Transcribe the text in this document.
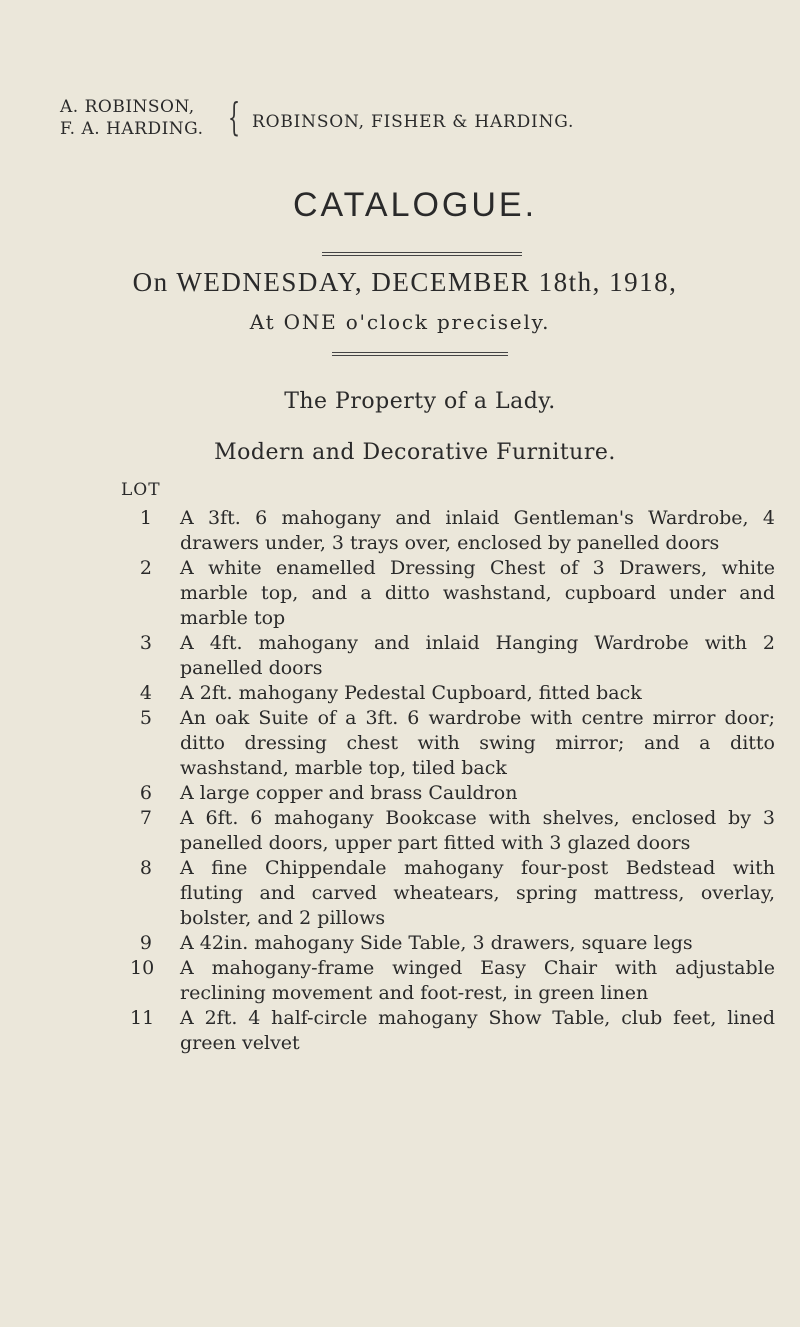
A. ROBINSON,
F. A. HARDING. { ROBINSON, FISHER & HARDING.
CATALOGUE.
On WEDNESDAY, DECEMBER 18th, 1918,
At ONE o'clock precisely.
The Property of a Lady.
Modern and Decorative Furniture.
LOT
1 A 3ft. 6 mahogany and inlaid Gentleman's Wardrobe, 4 drawers under, 3 trays over, enclosed by panelled doors
2 A white enamelled Dressing Chest of 3 Drawers, white marble top, and a ditto washstand, cupboard under and marble top
3 A 4ft. mahogany and inlaid Hanging Wardrobe with 2 panelled doors
4 A 2ft. mahogany Pedestal Cupboard, fitted back
5 An oak Suite of a 3ft. 6 wardrobe with centre mirror door; ditto dressing chest with swing mirror; and a ditto washstand, marble top, tiled back
6 A large copper and brass Cauldron
7 A 6ft. 6 mahogany Bookcase with shelves, enclosed by 3 panelled doors, upper part fitted with 3 glazed doors
8 A fine Chippendale mahogany four-post Bedstead with fluting and carved wheatears, spring mattress, overlay, bolster, and 2 pillows
9 A 42in. mahogany Side Table, 3 drawers, square legs
10 A mahogany-frame winged Easy Chair with adjustable reclining movement and foot-rest, in green linen
11 A 2ft. 4 half-circle mahogany Show Table, club feet, lined green velvet
